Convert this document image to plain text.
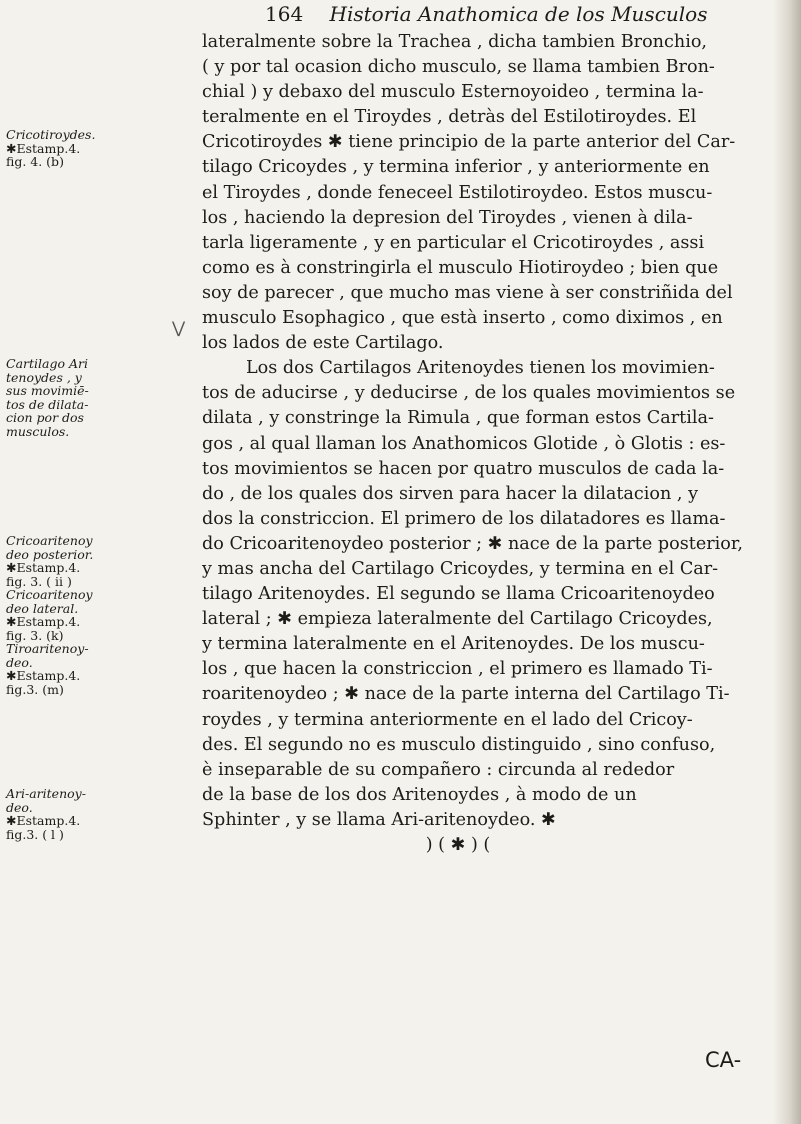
164 Historia Anathomica de los Musculos
lateralmente sobre la Trachea , dicha tambien Bronchio,
( y por tal ocasion dicho musculo, se llama tambien Bron-
chial ) y debaxo del musculo Esternoyoideo , termina la-
teralmente en el Tiroydes , detràs del Estilotiroydes. El
Cricotiroydes ✱ tiene principio de la parte anterior del Car-
tilago Cricoydes , y termina inferior , y anteriormente en
el Tiroydes , donde feneceel Estilotiroydeo. Estos muscu-
los , haciendo la depresion del Tiroydes , vienen à dila-
tarla ligeramente , y en particular el Cricotiroydes , assi
como es à constringirla el musculo Hiotiroydeo ; bien que
soy de parecer , que mucho mas viene à ser constriñida del
musculo Esophagico , que està inserto , como diximos , en
los lados de este Cartilago.
Los dos Cartilagos Aritenoydes tienen los movimien-
tos de aducirse , y deducirse , de los quales movimientos se
dilata , y constringe la Rimula , que forman estos Cartila-
gos , al qual llaman los Anathomicos Glotide , ò Glotis : es-
tos movimientos se hacen por quatro musculos de cada la-
do , de los quales dos sirven para hacer la dilatacion , y
dos la constriccion. El primero de los dilatadores es llama-
do Cricoaritenoydeo posterior ; ✱ nace de la parte posterior,
y mas ancha del Cartilago Cricoydes, y termina en el Car-
tilago Aritenoydes. El segundo se llama Cricoaritenoydeo
lateral ; ✱ empieza lateralmente del Cartilago Cricoydes,
y termina lateralmente en el Aritenoydes. De los muscu-
los , que hacen la constriccion , el primero es llamado Ti-
roaritenoydeo ; ✱ nace de la parte interna del Cartilago Ti-
roydes , y termina anteriormente en el lado del Cricoy-
des. El segundo no es musculo distinguido , sino confuso,
è inseparable de su compañero : circunda al rededor
de la base de los dos Aritenoydes , à modo de un
Sphinter , y se llama Ari-aritenoydeo. ✱
) ( ✱ ) (
Cricotiroydes.
✱Estamp.4.
fig. 4. (b)
Cartilago Ari
tenoydes , y
sus movimiē-
tos de dilata-
cion por dos
musculos.
Cricoaritenoy
deo posterior.
✱Estamp.4.
fig. 3. ( ii )
Cricoaritenoy
deo lateral.
✱Estamp.4.
fig. 3. (k)
Tiroaritenoy-
deo.
✱Estamp.4.
fig.3. (m)
Ari-aritenoy-
deo.
✱Estamp.4.
fig.3. ( l )
⋁
CA-
